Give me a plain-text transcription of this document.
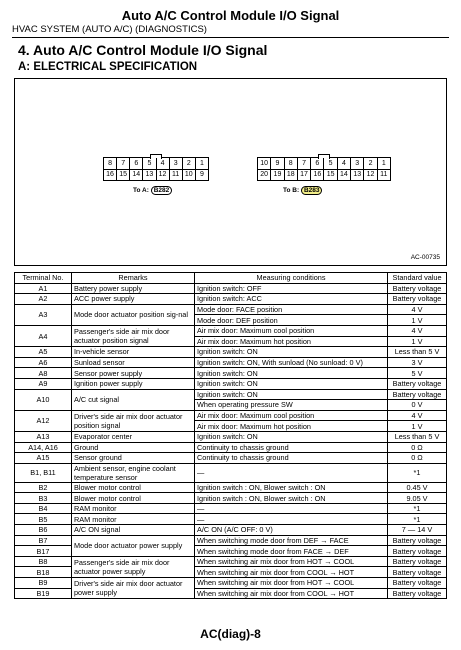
Auto A/C Control Module I/O Signal
HVAC SYSTEM (AUTO A/C) (DIAGNOSTICS)
4. Auto A/C Control Module I/O Signal
A: ELECTRICAL SPECIFICATION
8	7	6	5	4	3	2	1
16 15 14 13 12 11 10	9
To A: B282
10	9	8	7	6	5	4	3	2	1
20 19 18 17 16 15 14 13 12 11
To B: B283
AC-00735
Terminal No.	Remarks	Measuring conditions	Standard value
A1	Battery power supply	Ignition switch: OFF	Battery voltage
A2	ACC power supply	Ignition switch: ACC	Battery voltage
A3	Mode door actuator position sig-nal	Mode door: FACE position	4 V
		Mode door: DEF position	1 V
A4	Passenger's side air mix door actuator position signal	Air mix door: Maximum cool position	4 V
		Air mix door: Maximum hot position	1 V
A5	In-vehicle sensor	Ignition switch: ON	Less than 5 V
A6	Sunload sensor	Ignition switch: ON, With sunload (No sunload: 0 V)	3 V
A8	Sensor power supply	Ignition switch: ON	5 V
A9	Ignition power supply	Ignition switch: ON	Battery voltage
A10	A/C cut signal	Ignition switch: ON	Battery voltage
		When operating pressure SW	0 V
A12	Driver's side air mix door actuator position signal	Air mix door: Maximum cool position	4 V
		Air mix door: Maximum hot position	1 V
A13	Evaporator center	Ignition switch: ON	Less than 5 V
A14, A16	Ground	Continuity to chassis ground	0 Ω
A15	Sensor ground	Continuity to chassis ground	0 Ω
B1, B11	Ambient sensor, engine coolant temperature sensor	—	*1
B2	Blower motor control	Ignition switch : ON, Blower switch : ON	0.45 V
B3	Blower motor control	Ignition switch : ON, Blower switch : ON	9.05 V
B4	RAM monitor	—	*1
B5	RAM monitor	—	*1
B6	A/C ON signal	A/C ON (A/C OFF: 0 V)	7 — 14 V
B7	Mode door actuator power supply	When switching mode door from DEF → FACE	Battery voltage
B17		When switching mode door from FACE → DEF	Battery voltage
B8	Passenger's side air mix door actuator power supply	When switching air mix door from HOT → COOL	Battery voltage
B18		When switching air mix door from COOL → HOT	Battery voltage
B9	Driver's side air mix door actuator power supply	When switching air mix door from HOT → COOL	Battery voltage
B19		When switching air mix door from COOL → HOT	Battery voltage
AC(diag)-8
